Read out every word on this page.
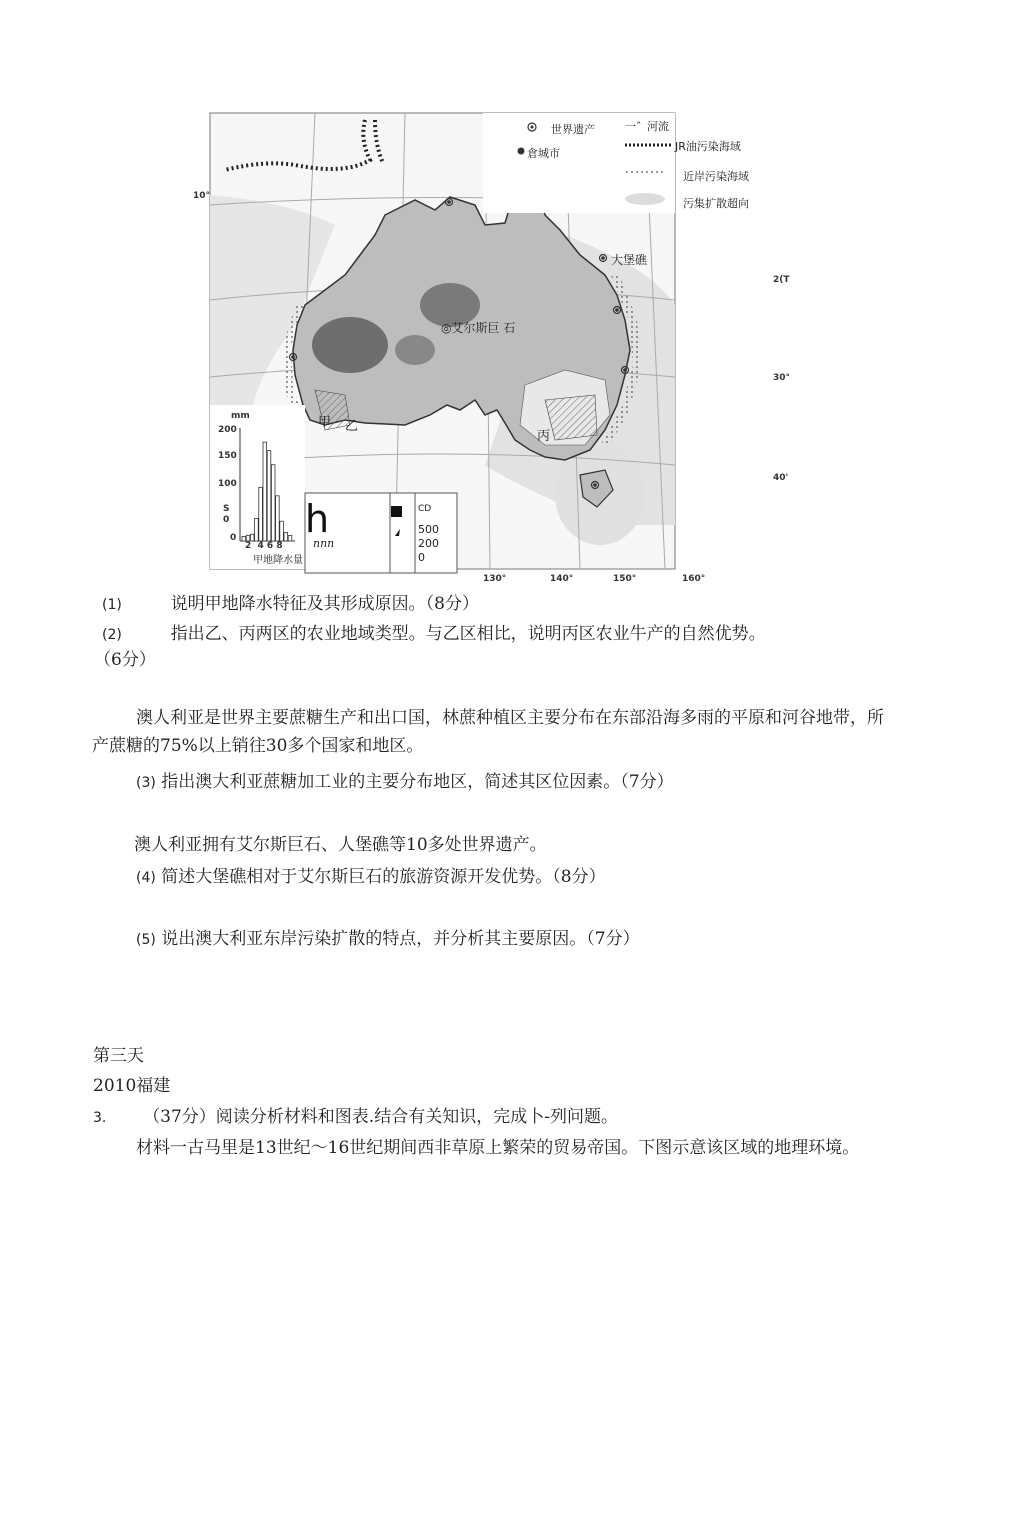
世界遗产
倉城市
一ˆ 河流
JR油污染海域
近岸污染海域
污集扩散超向
大堡礁
◎艾尔斯巨 石
甲 乙
丙
10°
2(T
30°
40'
130°	140°	150°	160°
mm
200
150
100
S
0
0
2  4 6 8
甲地降水量
h
nnn
CD
500
200
0
(1)	说明甲地降水特征及其形成原因。（8分）
(2)	指出乙、丙两区的农业地域类型。与乙区相比，说明丙区农业牛产的自然优势。
（6分）
澳人利亚是世界主要蔗糖生产和出口国，林蔗种植区主要分布在东部沿海多雨的平原和河谷地带，所产蔗糖的75%以上销往30多个国家和地区。
(3) 指出澳大利亚蔗糖加工业的主要分布地区，简述其区位因素。（7分）
澳人利亚拥有艾尔斯巨石、人堡礁等10多处世界遗产。
(4) 简述大堡礁相对于艾尔斯巨石的旅游资源开发优势。（8分）
(5) 说出澳大利亚东岸污染扩散的特点，并分析其主要原因。（7分）
第三天
2010福建
3. （37分）阅读分析材料和图表.结合有关知识，完成卜-列问题。
材料一古马里是13世纪～16世纪期间西非草原上繁荣的贸易帝国。下图示意该区域的地理环境。
